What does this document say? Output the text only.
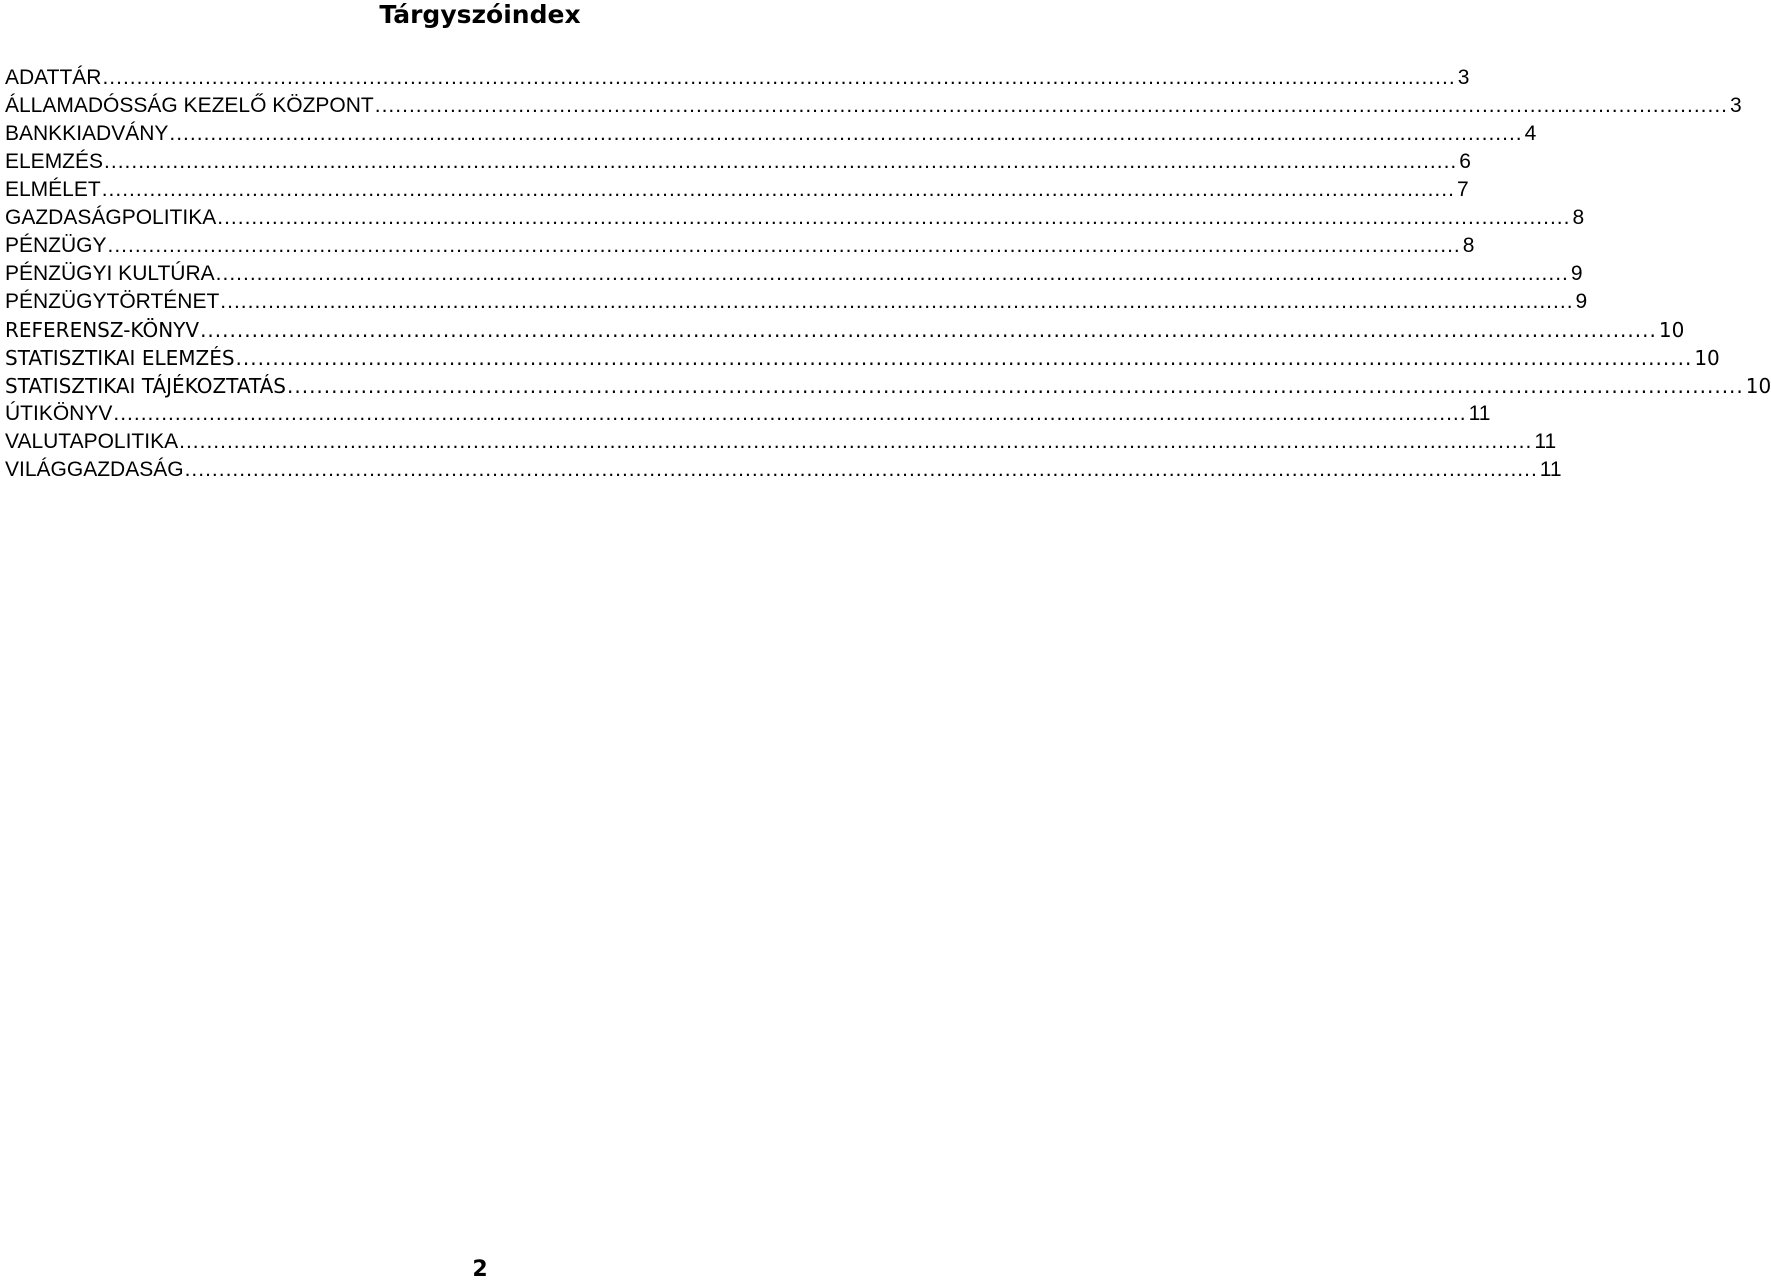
Tárgyszóindex
ADATTÁR ...................................................................................................................................................................................................... 3
ÁLLAMADÓSSÁG KEZELŐ KÖZPONT ...................................................................................................................................................................................................... 3
BANKKIADVÁNY ...................................................................................................................................................................................................... 4
ELEMZÉS ...................................................................................................................................................................................................... 6
ELMÉLET ...................................................................................................................................................................................................... 7
GAZDASÁGPOLITIKA ...................................................................................................................................................................................................... 8
PÉNZÜGY ...................................................................................................................................................................................................... 8
PÉNZÜGYI KULTÚRA ...................................................................................................................................................................................................... 9
PÉNZÜGYTÖRTÉNET ...................................................................................................................................................................................................... 9
REFERENSZ-KÖNYV ...................................................................................................................................................................................................... 10
STATISZTIKAI ELEMZÉS ...................................................................................................................................................................................................... 10
STATISZTIKAI TÁJÉKOZTATÁS ...................................................................................................................................................................................................... 10
ÚTIKÖNYV ...................................................................................................................................................................................................... 11
VALUTAPOLITIKA ...................................................................................................................................................................................................... 11
VILÁGGAZDASÁG ...................................................................................................................................................................................................... 11
2
